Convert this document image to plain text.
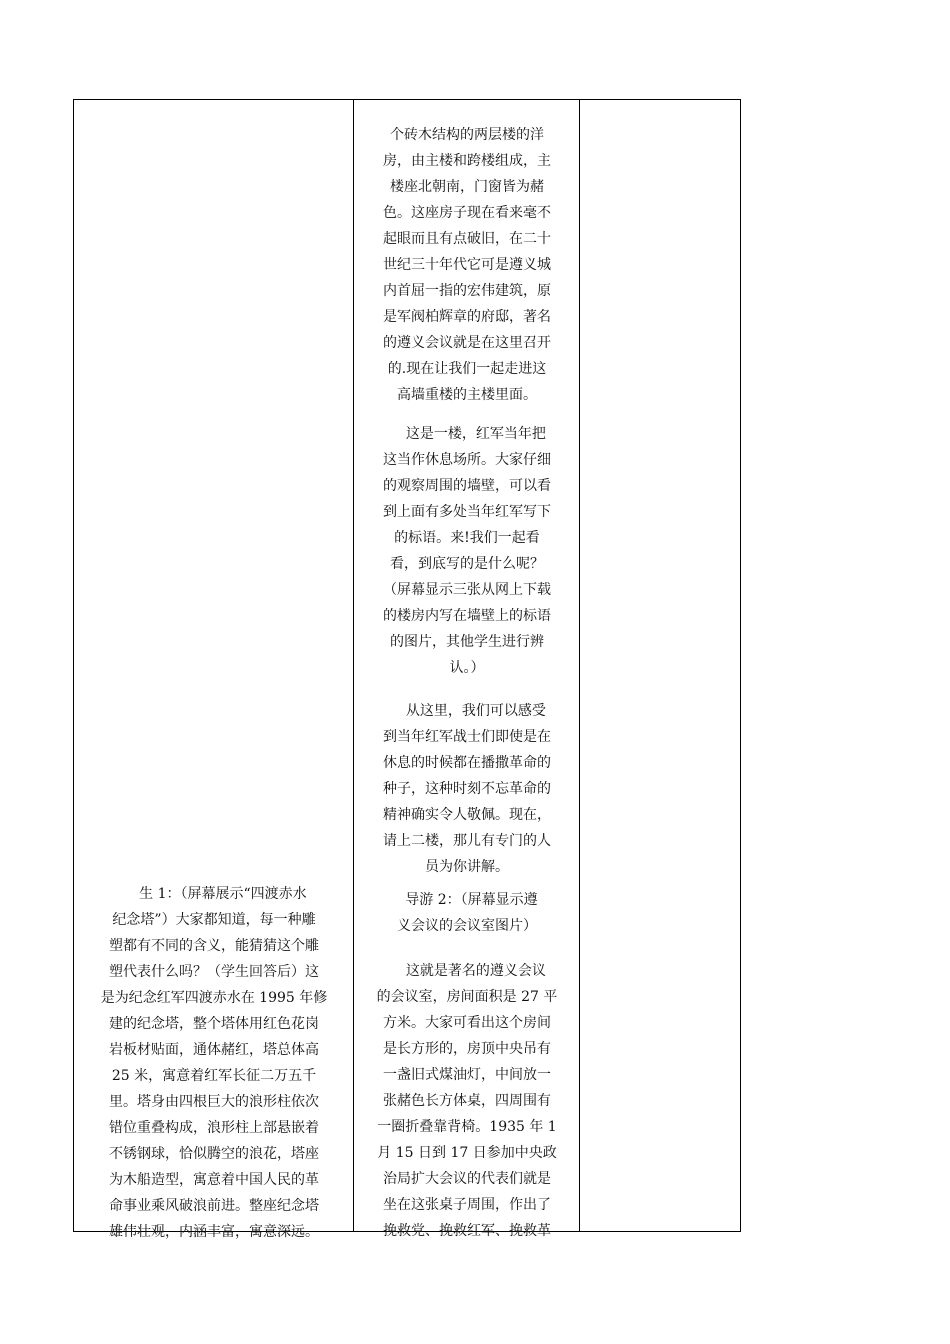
生 1：（屏幕展示“四渡赤水
纪念塔”）大家都知道，每一种雕
塑都有不同的含义，能猜猜这个雕
塑代表什么吗？（学生回答后）这
是为纪念红军四渡赤水在 1995 年修
建的纪念塔，整个塔体用红色花岗
岩板材贴面，通体赭红，塔总体高
25 米，寓意着红军长征二万五千
里。塔身由四根巨大的浪形柱依次
错位重叠构成，浪形柱上部悬嵌着
不锈钢球，恰似腾空的浪花，塔座
为木船造型，寓意着中国人民的革
命事业乘风破浪前进。整座纪念塔
雄伟壮观，内涵丰富，寓意深远。
个砖木结构的两层楼的洋
房，由主楼和跨楼组成，主
楼座北朝南，门窗皆为赭
色。这座房子现在看来毫不
起眼而且有点破旧，在二十
世纪三十年代它可是遵义城
内首屈一指的宏伟建筑，原
是军阀柏辉章的府邸，著名
的遵义会议就是在这里召开
的.现在让我们一起走进这
高墙重楼的主楼里面。
这是一楼，红军当年把
这当作休息场所。大家仔细
的观察周围的墙壁，可以看
到上面有多处当年红军写下
的标语。来!我们一起看
看，到底写的是什么呢？
（屏幕显示三张从网上下载
的楼房内写在墙壁上的标语
的图片，其他学生进行辨
认。）
从这里，我们可以感受
到当年红军战士们即使是在
休息的时候都在播撒革命的
种子，这种时刻不忘革命的
精神确实令人敬佩。现在，
请上二楼，那儿有专门的人
员为你讲解。
导游 2：（屏幕显示遵
义会议的会议室图片）
这就是著名的遵义会议
的会议室，房间面积是 27 平
方米。大家可看出这个房间
是长方形的，房顶中央吊有
一盏旧式煤油灯，中间放一
张赭色长方体桌，四周围有
一圈折叠靠背椅。1935 年 1
月 15 日到 17 日参加中央政
治局扩大会议的代表们就是
坐在这张桌子周围，作出了
挽救党、挽救红军、挽救革
